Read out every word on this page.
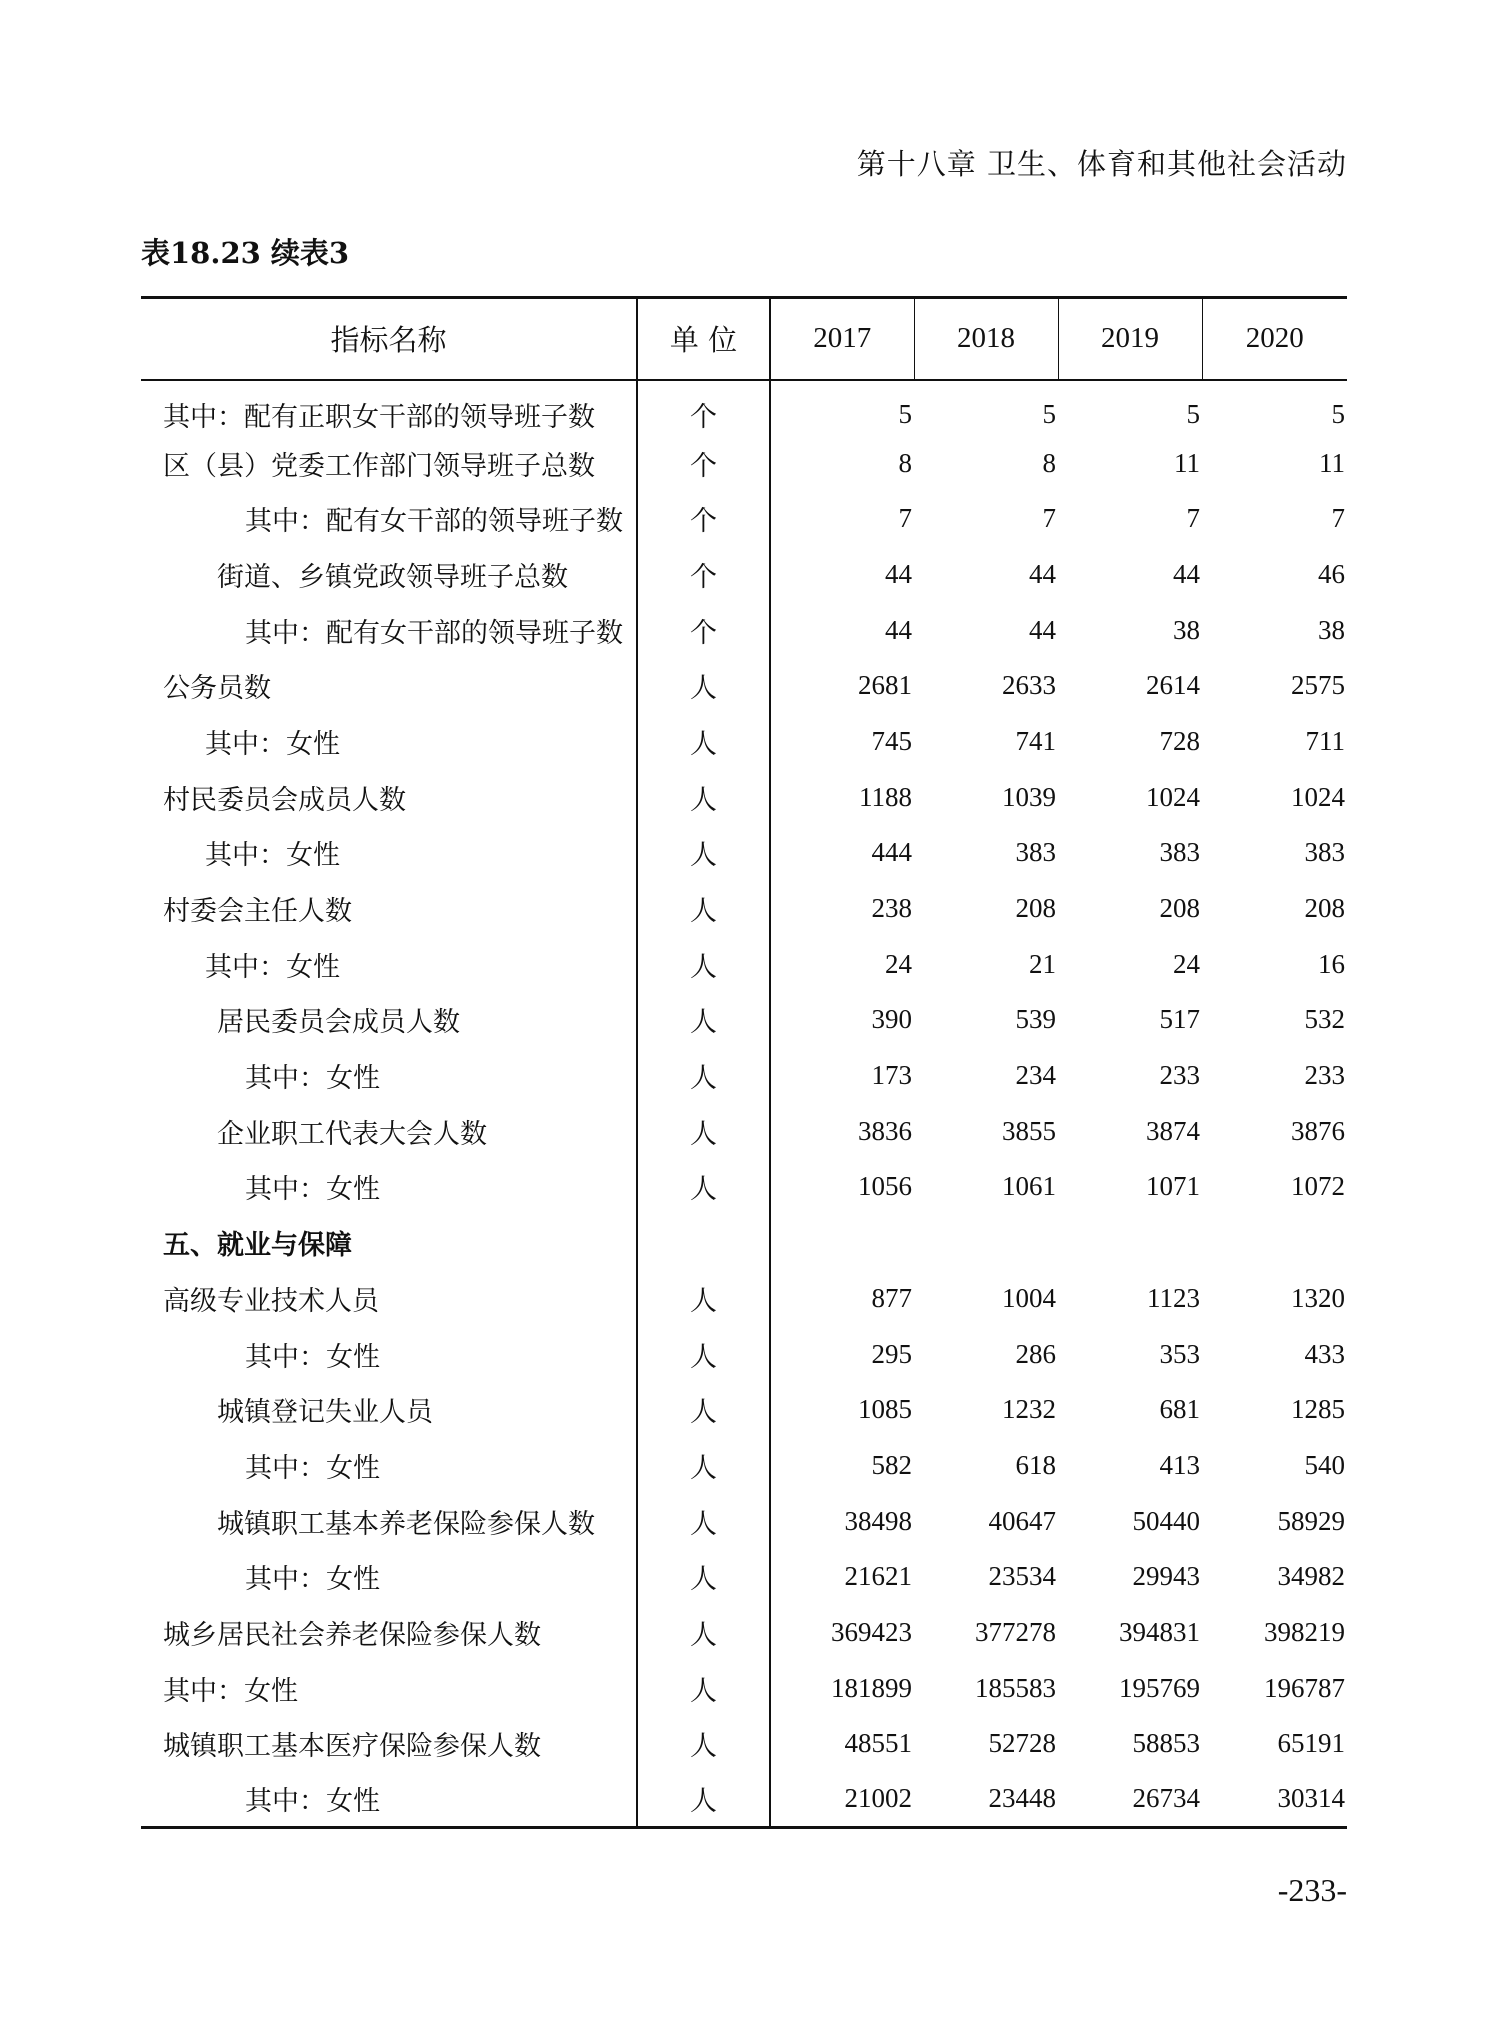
第十八章 卫生、体育和其他社会活动
表18.23 续表3
指标名称	单 位	2017	2018	2019	2020
其中：配有正职女干部的领导班子数	个	5	5	5	5
区（县）党委工作部门领导班子总数	个	8	8	11	11
其中：配有女干部的领导班子数	个	7	7	7	7
街道、乡镇党政领导班子总数	个	44	44	44	46
其中：配有女干部的领导班子数	个	44	44	38	38
公务员数	人	2681	2633	2614	2575
其中：女性	人	745	741	728	711
村民委员会成员人数	人	1188	1039	1024	1024
其中：女性	人	444	383	383	383
村委会主任人数	人	238	208	208	208
其中：女性	人	24	21	24	16
居民委员会成员人数	人	390	539	517	532
其中：女性	人	173	234	233	233
企业职工代表大会人数	人	3836	3855	3874	3876
其中：女性	人	1056	1061	1071	1072
五、就业与保障					
高级专业技术人员	人	877	1004	1123	1320
其中：女性	人	295	286	353	433
城镇登记失业人员	人	1085	1232	681	1285
其中：女性	人	582	618	413	540
城镇职工基本养老保险参保人数	人	38498	40647	50440	58929
其中：女性	人	21621	23534	29943	34982
城乡居民社会养老保险参保人数	人	369423	377278	394831	398219
其中：女性	人	181899	185583	195769	196787
城镇职工基本医疗保险参保人数	人	48551	52728	58853	65191
其中：女性	人	21002	23448	26734	30314
-233-
